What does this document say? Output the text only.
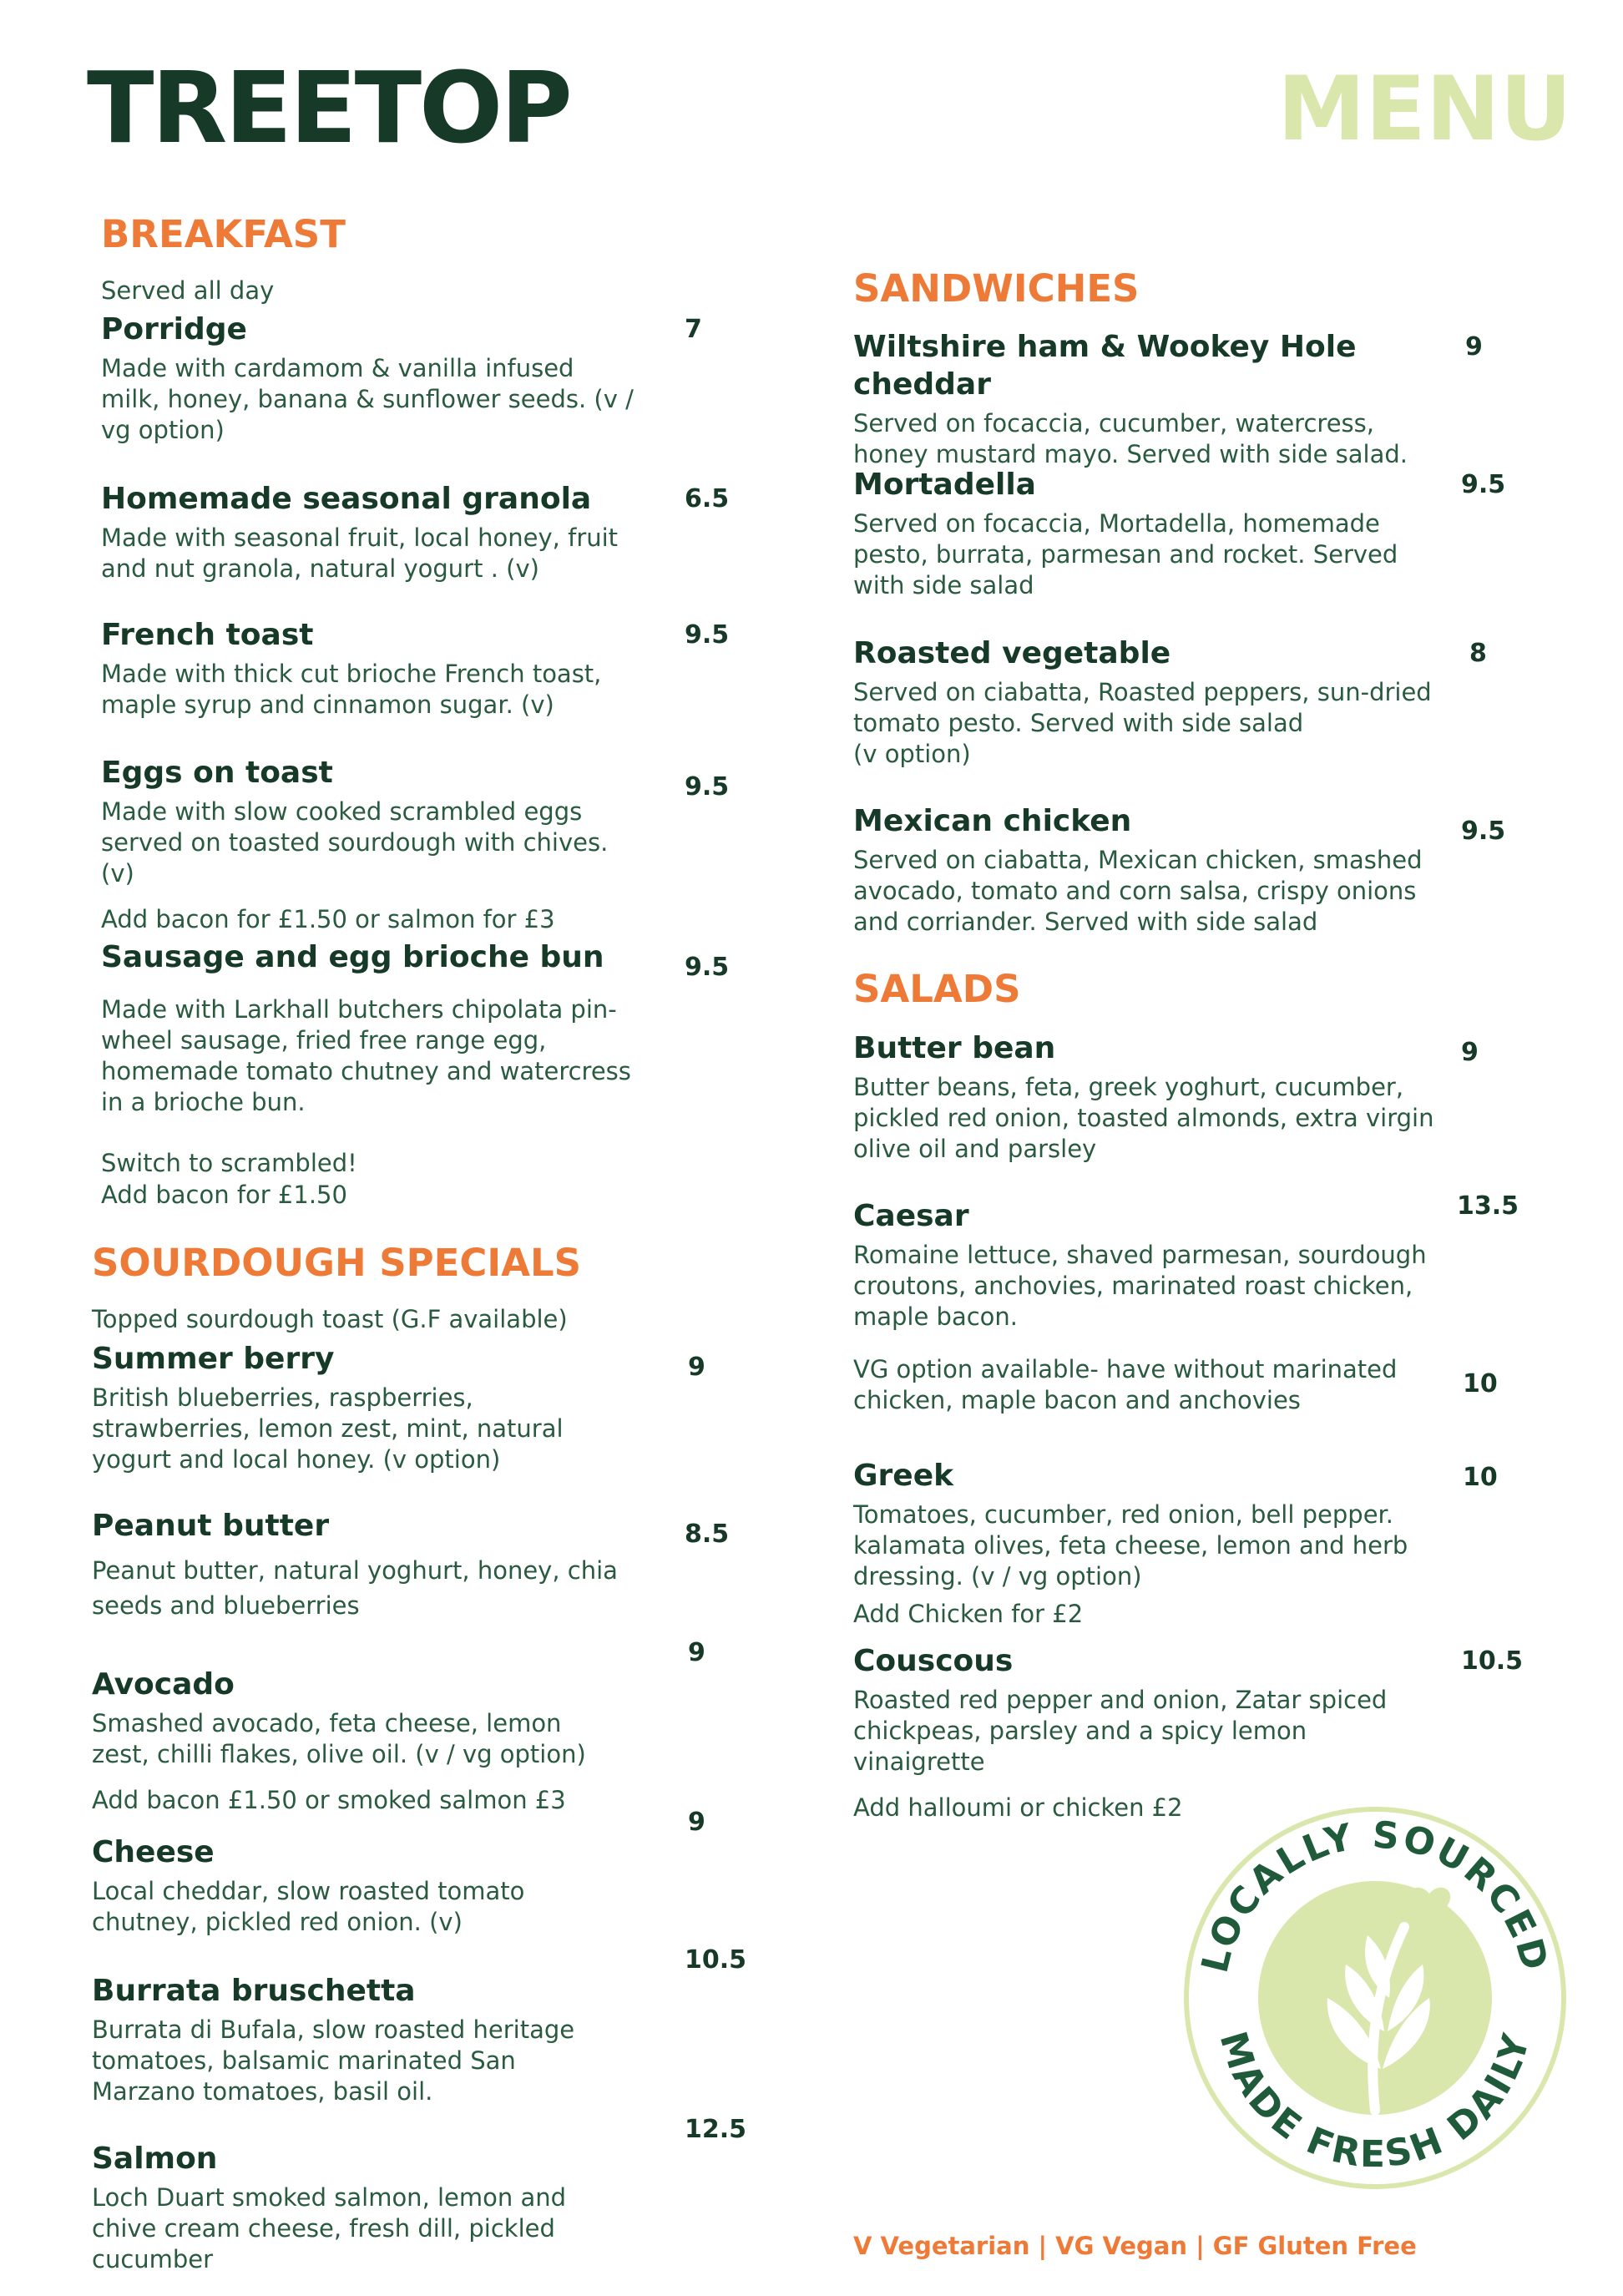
TREETOP	MENU
BREAKFAST
Served all day
Porridge
Made with cardamom & vanilla infused milk, honey, banana & sunflower seeds. (v / vg option)
7
Homemade seasonal granola
Made with seasonal fruit, local honey, fruit and nut granola, natural yogurt . (v)
6.5
French toast
Made with thick cut brioche French toast, maple syrup and cinnamon sugar. (v)
9.5
Eggs on toast
Made with slow cooked scrambled eggs served on toasted sourdough with chives. (v)
Add bacon for £1.50 or salmon for £3
9.5
Sausage and egg brioche bun
Made with Larkhall butchers chipolata pin-wheel sausage, fried free range egg, homemade tomato chutney and watercress in a brioche bun.
Switch to scrambled!
Add bacon for £1.50
9.5
SOURDOUGH SPECIALS
Topped sourdough toast (G.F available)
Summer berry
British blueberries, raspberries, strawberries, lemon zest, mint, natural yogurt and local honey. (v option)
9
Peanut butter
Peanut butter, natural yoghurt, honey, chia seeds and blueberries
8.5
Avocado
Smashed avocado, feta cheese, lemon zest, chilli flakes, olive oil. (v / vg option)
Add bacon £1.50 or smoked salmon £3
9
Cheese
Local cheddar, slow roasted tomato chutney, pickled red onion. (v)
9
Burrata bruschetta
Burrata di Bufala, slow roasted heritage tomatoes, balsamic marinated San Marzano tomatoes, basil oil.
10.5
Salmon
Loch Duart smoked salmon, lemon and chive cream cheese, fresh dill, pickled cucumber
12.5
SANDWICHES
Wiltshire ham & Wookey Hole cheddar
Served on focaccia, cucumber, watercress, honey mustard mayo. Served with side salad.
9
Mortadella
Served on focaccia, Mortadella, homemade pesto, burrata, parmesan and rocket. Served with side salad
9.5
Roasted vegetable
Served on ciabatta, Roasted peppers, sun-dried tomato pesto. Served with side salad
(v option)
8
Mexican chicken
Served on ciabatta, Mexican chicken, smashed avocado, tomato and corn salsa, crispy onions and corriander. Served with side salad
9.5
SALADS
Butter bean
Butter beans, feta, greek yoghurt, cucumber, pickled red onion, toasted almonds, extra virgin olive oil and parsley
9
Caesar
Romaine lettuce, shaved parmesan, sourdough croutons, anchovies, marinated roast chicken, maple bacon.
VG option available- have without marinated chicken, maple bacon and anchovies
13.5
10
Greek
Tomatoes, cucumber, red onion, bell pepper. kalamata olives, feta cheese, lemon and herb dressing. (v / vg option)
Add Chicken for £2
10
Couscous
Roasted red pepper and onion, Zatar spiced chickpeas, parsley and a spicy lemon vinaigrette
Add halloumi or chicken £2
10.5
LOCALLY SOURCED
MADE FRESH DAILY
V Vegetarian | VG Vegan | GF Gluten Free
